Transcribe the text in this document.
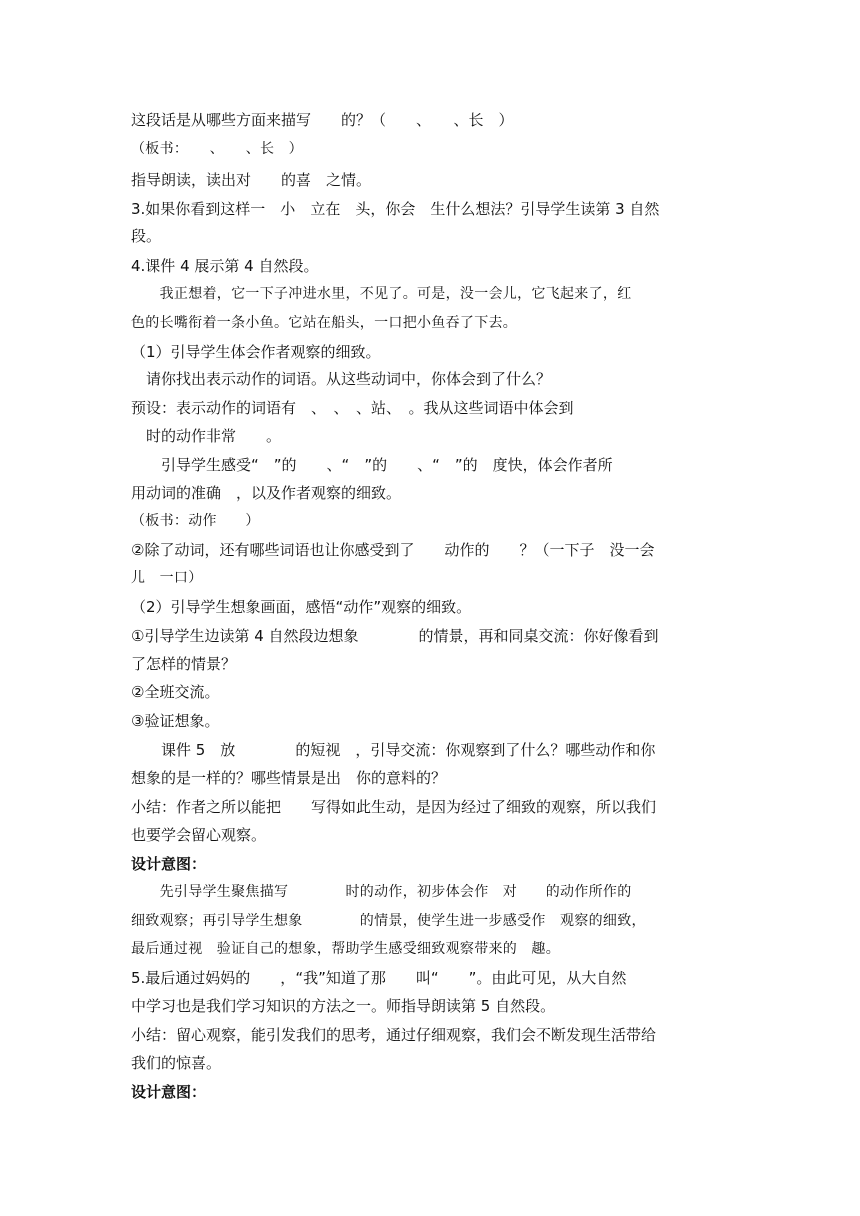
这段话是从哪些方面来描写　　的？（　　、　　、长　）
（板书：　　、　　、长　）
指导朗读，读出对　　的喜　之情。
3.如果你看到这样一　小　立在　头，你会　生什么想法？引导学生读第 3 自然
段。
4.课件 4 展示第 4 自然段。
　　我正想着，它一下子冲进水里，不见了。可是，没一会儿，它飞起来了，红
色的长嘴衔着一条小鱼。它站在船头，一口把小鱼吞了下去。
（1）引导学生体会作者观察的细致。
　请你找出表示动作的词语。从这些动词中，你体会到了什么？
预设：表示动作的词语有　、　、　、站、　。我从这些词语中体会到
　时的动作非常　　。
　　引导学生感受“　”的　　、“　”的　　、“　”的　度快，体会作者所
用动词的准确　，以及作者观察的细致。
（板书：动作　　）
②除了动词，还有哪些词语也让你感受到了　　动作的　　？（一下子　没一会
儿　一口）
（2）引导学生想象画面，感悟“动作”观察的细致。
①引导学生边读第 4 自然段边想象　　　　的情景，再和同桌交流：你好像看到
了怎样的情景？
②全班交流。
③验证想象。
　　课件 5　放　　　　的短视　，引导交流：你观察到了什么？哪些动作和你
想象的是一样的？哪些情景是出　你的意料的？
小结：作者之所以能把　　写得如此生动，是因为经过了细致的观察，所以我们
也要学会留心观察。
设计意图：
　　先引导学生聚焦描写　　　　时的动作，初步体会作　对　　的动作所作的
细致观察；再引导学生想象　　　　的情景，使学生进一步感受作　观察的细致，
最后通过视　验证自己的想象，帮助学生感受细致观察带来的　趣。
5.最后通过妈妈的　　，“我”知道了那　　叫“　　”。由此可见，从大自然
中学习也是我们学习知识的方法之一。师指导朗读第 5 自然段。
小结：留心观察，能引发我们的思考，通过仔细观察，我们会不断发现生活带给
我们的惊喜。
设计意图：
